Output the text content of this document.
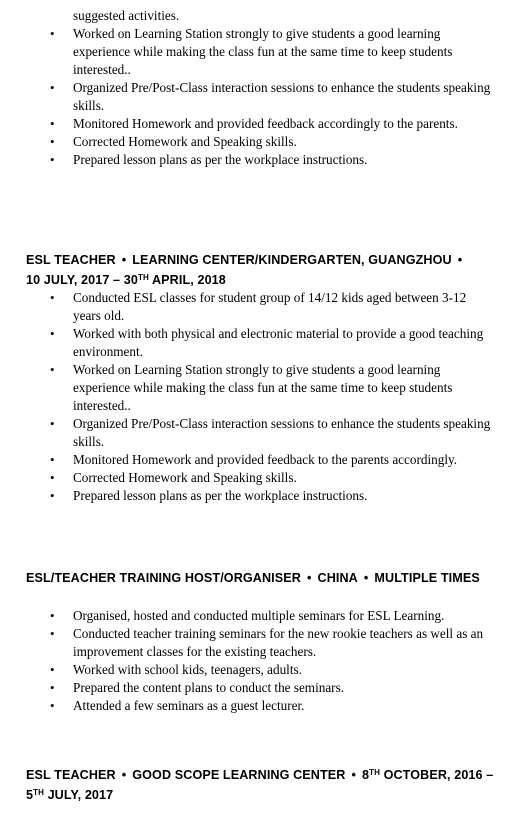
suggested activities.
• Worked on Learning Station strongly to give students a good learning experience while making the class fun at the same time to keep students interested..
• Organized Pre/Post-Class interaction sessions to enhance the students speaking skills.
• Monitored Homework and provided feedback accordingly to the parents.
• Corrected Homework and Speaking skills.
• Prepared lesson plans as per the workplace instructions.
ESL TEACHER • LEARNING CENTER/KINDERGARTEN, GUANGZHOU •
10 JULY, 2017 – 30TH APRIL, 2018
• Conducted ESL classes for student group of 14/12 kids aged between 3-12 years old.
• Worked with both physical and electronic material to provide a good teaching environment.
• Worked on Learning Station strongly to give students a good learning experience while making the class fun at the same time to keep students interested..
• Organized Pre/Post-Class interaction sessions to enhance the students speaking skills.
• Monitored Homework and provided feedback to the parents accordingly.
• Corrected Homework and Speaking skills.
• Prepared lesson plans as per the workplace instructions.
ESL/TEACHER TRAINING HOST/ORGANISER • CHINA • MULTIPLE TIMES
• Organised, hosted and conducted multiple seminars for ESL Learning.
• Conducted teacher training seminars for the new rookie teachers as well as an improvement classes for the existing teachers.
• Worked with school kids, teenagers, adults.
• Prepared the content plans to conduct the seminars.
• Attended a few seminars as a guest lecturer.
ESL TEACHER • GOOD SCOPE LEARNING CENTER • 8TH OCTOBER, 2016 – 5TH JULY, 2017
